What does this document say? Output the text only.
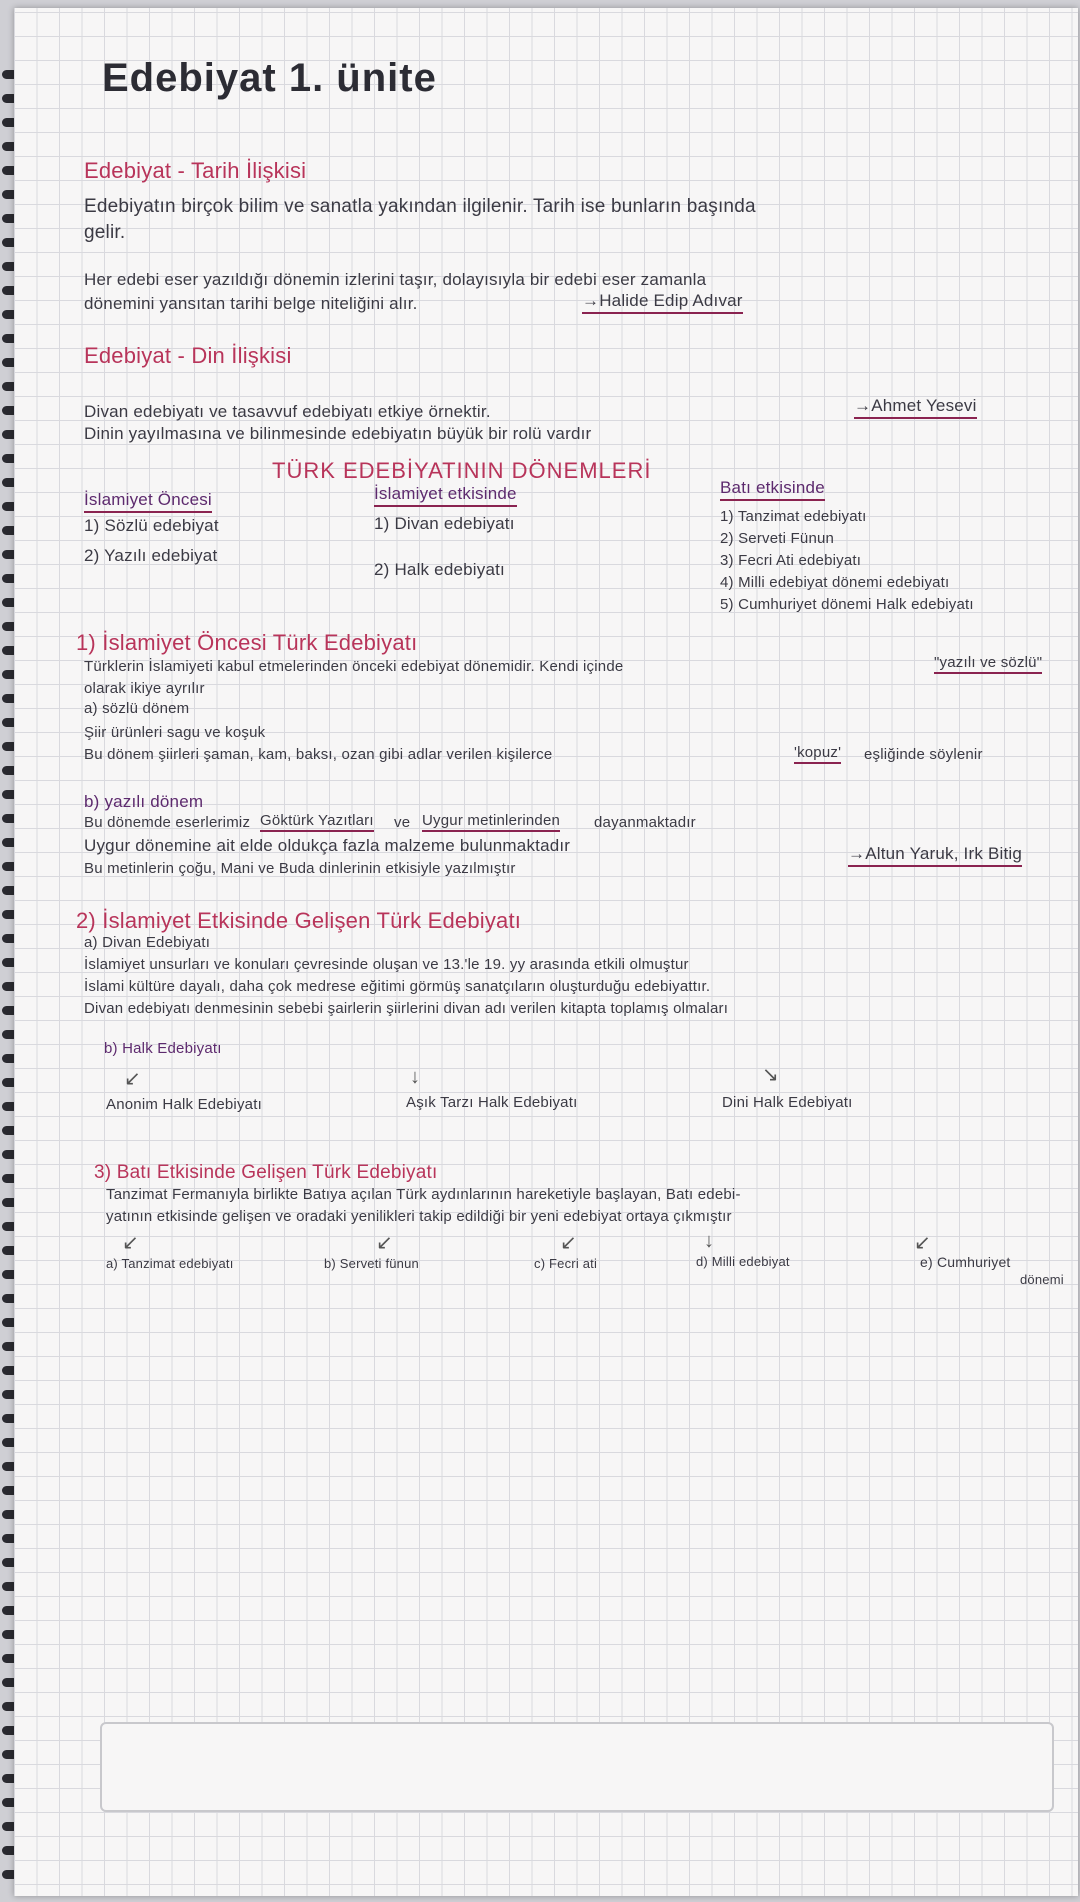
Edebiyat 1. ünite
Edebiyat - Tarih İlişkisi
Edebiyatın birçok bilim ve sanatla yakından ilgilenir. Tarih ise bunların başında
gelir.
Her edebi eser yazıldığı dönemin izlerini taşır, dolayısıyla bir edebi eser zamanla
dönemini yansıtan tarihi belge niteliğini alır.	→Halide Edip Adıvar
Edebiyat - Din İlişkisi
Divan edebiyatı ve tasavvuf edebiyatı etkiye örnektir.
Dinin yayılmasına ve bilinmesinde edebiyatın büyük bir rolü vardır
→Ahmet Yesevi
TÜRK EDEBİYATININ DÖNEMLERİ
İslamiyet Öncesi
1) Sözlü edebiyat
2) Yazılı edebiyat
İslamiyet etkisinde
1) Divan edebiyatı
2) Halk edebiyatı
Batı etkisinde
1) Tanzimat edebiyatı
2) Serveti Fünun
3) Fecri Ati edebiyatı
4) Milli edebiyat dönemi edebiyatı
5) Cumhuriyet dönemi Halk edebiyatı
1) İslamiyet Öncesi Türk Edebiyatı
Türklerin İslamiyeti kabul etmelerinden önceki edebiyat dönemidir. Kendi içinde	"yazılı ve sözlü"
olarak ikiye ayrılır
a) sözlü dönem
Şiir ürünleri sagu ve koşuk
Bu dönem şiirleri şaman, kam, baksı, ozan gibi adlar verilen kişilerce	'kopuz' eşliğinde söylenir
b) yazılı dönem
Bu dönemde eserlerimiz Göktürk Yazıtları ve Uygur metinlerinden dayanmaktadır
Uygur dönemine ait elde oldukça fazla malzeme bulunmaktadır
Bu metinlerin çoğu, Mani ve Buda dinlerinin etkisiyle yazılmıştır
→Altun Yaruk, Irk Bitig
2) İslamiyet Etkisinde Gelişen Türk Edebiyatı
a) Divan Edebiyatı
İslamiyet unsurları ve konuları çevresinde oluşan ve 13.'le 19. yy arasında etkili olmuştur
İslami kültüre dayalı, daha çok medrese eğitimi görmüş sanatçıların oluşturduğu edebiyattır.
Divan edebiyatı denmesinin sebebi şairlerin şiirlerini divan adı verilen kitapta toplamış olmaları
b) Halk Edebiyatı
↙	↓	↘
Anonim Halk Edebiyatı	Aşık Tarzı Halk Edebiyatı	Dini Halk Edebiyatı
3) Batı Etkisinde Gelişen Türk Edebiyatı
Tanzimat Fermanıyla birlikte Batıya açılan Türk aydınlarının hareketiyle başlayan, Batı edebi-
yatının etkisinde gelişen ve oradaki yenilikleri takip edildiği bir yeni edebiyat ortaya çıkmıştır
↙	↙	↙	↓	↙
a) Tanzimat edebiyatı	b) Serveti fünun	c) Fecri ati	d) Milli edebiyat	e) Cumhuriyet
dönemi
